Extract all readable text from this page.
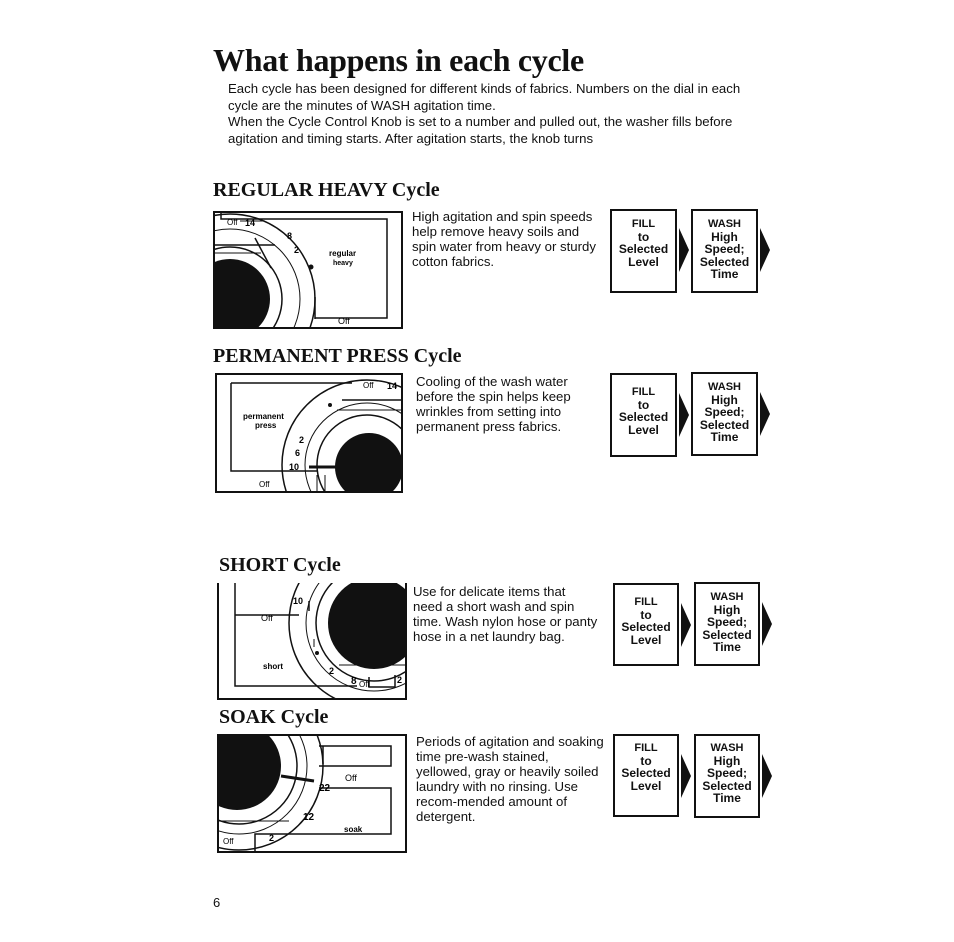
What happens in each cycle

Each cycle has been designed for different kinds of fabrics. Numbers on the dial in each cycle are the minutes of WASH agitation time.

When the Cycle Control Knob is set to a number and pulled out, the washer fills before agitation and timing starts. After agitation starts, the knob turns

REGULAR HEAVY Cycle
Off 14
8
2	regular
heavy
Off

High agitation and spin speeds help remove heavy soils and spin water from heavy or sturdy cotton fabrics.

FILL
to
Selected
Level
WASH
High
Speed;
Selected
Time
PERMANENT PRESS Cycle
Off 14
permanent
press
2
6
10
Off

Cooling of the wash water before the spin helps keep wrinkles from setting into permanent press fabrics.

FILL
to
Selected
Level
WASH
High
Speed;
Selected
Time
SHORT Cycle
10
Off
short	2
8 Off	2

Use for delicate items that need a short wash and spin time. Wash nylon hose or panty hose in a net laundry bag.

FILL
to
Selected
Level
WASH
High
Speed;
Selected
Time
SOAK Cycle
Off
22
12
soak
Off	2

Periods of agitation and soaking time pre-wash stained, yellowed, gray or heavily soiled laundry with no rinsing. Use recom-mended amount of detergent.

FILL
to
Selected
Level
WASH
High
Speed;
Selected
Time
6
